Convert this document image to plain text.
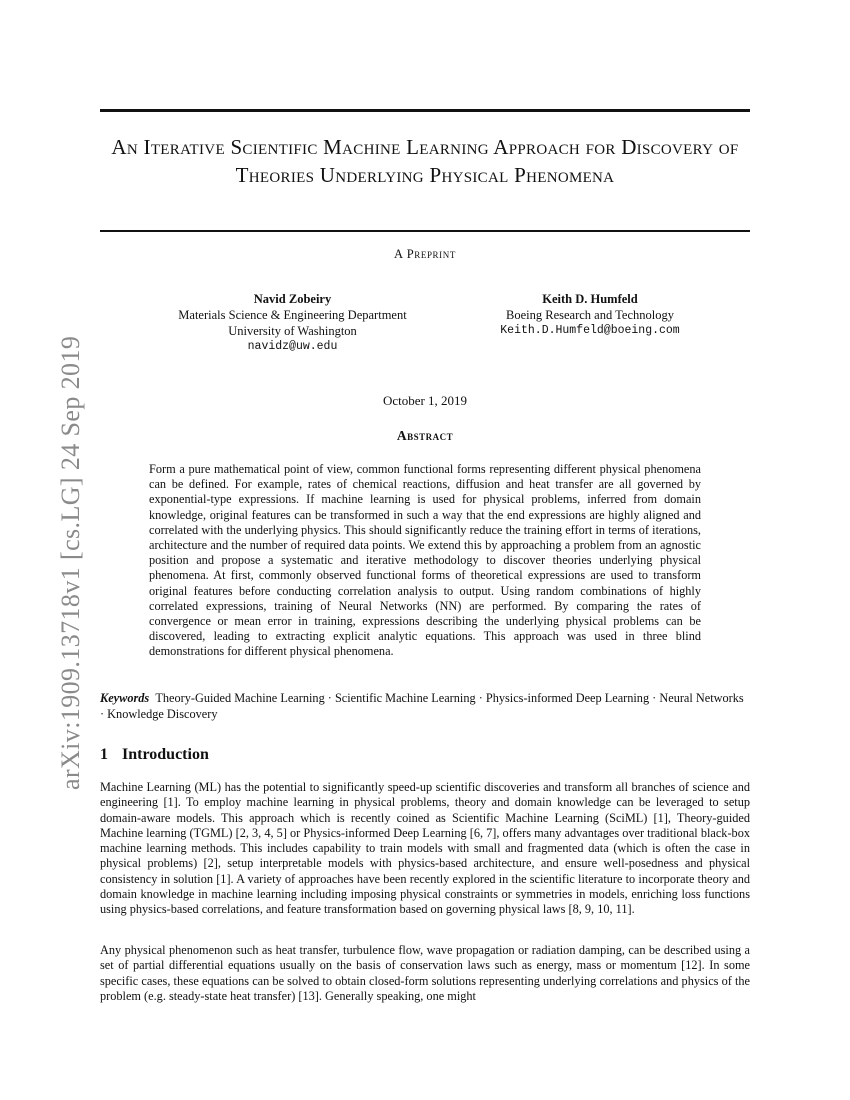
arXiv:1909.13718v1 [cs.LG] 24 Sep 2019
An Iterative Scientific Machine Learning Approach for Discovery of Theories Underlying Physical Phenomena
A Preprint
Navid Zobeiry
Materials Science & Engineering Department
University of Washington
navidz@uw.edu
Keith D. Humfeld
Boeing Research and Technology
Keith.D.Humfeld@boeing.com
October 1, 2019
Abstract
Form a pure mathematical point of view, common functional forms representing different physical phenomena can be defined. For example, rates of chemical reactions, diffusion and heat transfer are all governed by exponential-type expressions. If machine learning is used for physical problems, inferred from domain knowledge, original features can be transformed in such a way that the end expressions are highly aligned and correlated with the underlying physics. This should significantly reduce the training effort in terms of iterations, architecture and the number of required data points. We extend this by approaching a problem from an agnostic position and propose a systematic and iterative methodology to discover theories underlying physical phenomena. At first, commonly observed functional forms of theoretical expressions are used to transform original features before conducting correlation analysis to output. Using random combinations of highly correlated expressions, training of Neural Networks (NN) are performed. By comparing the rates of convergence or mean error in training, expressions describing the underlying physical problems can be discovered, leading to extracting explicit analytic equations. This approach was used in three blind demonstrations for different physical phenomena.
Keywords Theory-Guided Machine Learning · Scientific Machine Learning · Physics-informed Deep Learning · Neural Networks · Knowledge Discovery
1 Introduction
Machine Learning (ML) has the potential to significantly speed-up scientific discoveries and transform all branches of science and engineering [1]. To employ machine learning in physical problems, theory and domain knowledge can be leveraged to setup domain-aware models. This approach which is recently coined as Scientific Machine Learning (SciML) [1], Theory-guided Machine learning (TGML) [2, 3, 4, 5] or Physics-informed Deep Learning [6, 7], offers many advantages over traditional black-box machine learning methods. This includes capability to train models with small and fragmented data (which is often the case in physical problems) [2], setup interpretable models with physics-based architecture, and ensure well-posedness and physical consistency in solution [1]. A variety of approaches have been recently explored in the scientific literature to incorporate theory and domain knowledge in machine learning including imposing physical constraints or symmetries in models, enriching loss functions using physics-based correlations, and feature transformation based on governing physical laws [8, 9, 10, 11].
Any physical phenomenon such as heat transfer, turbulence flow, wave propagation or radiation damping, can be described using a set of partial differential equations usually on the basis of conservation laws such as energy, mass or momentum [12]. In some specific cases, these equations can be solved to obtain closed-form solutions representing underlying correlations and physics of the problem (e.g. steady-state heat transfer) [13]. Generally speaking, one might
